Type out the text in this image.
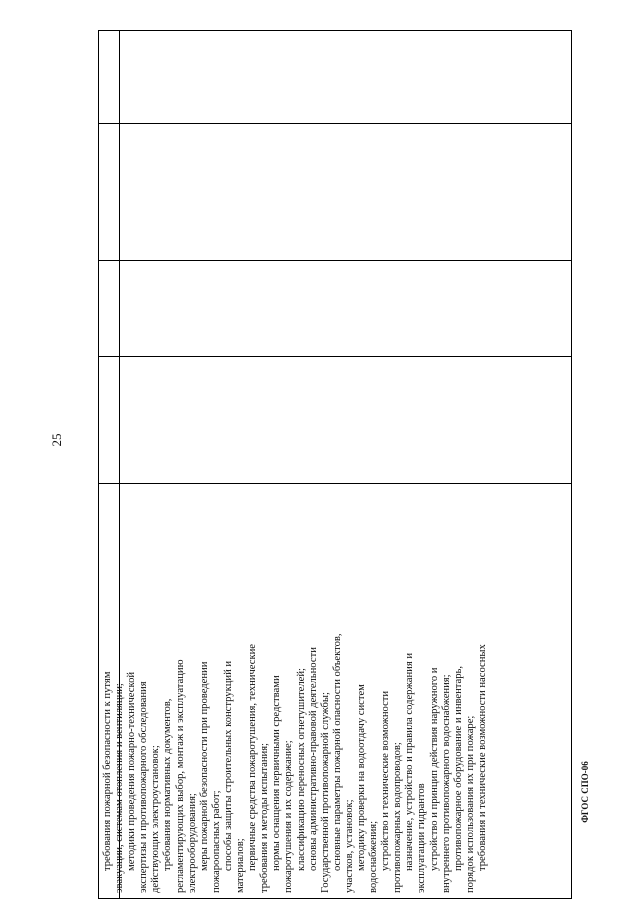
25
требования пожарной безопасности к путям эвакуации, системам отопления и вентиляции; методики проведения пожарно-технической экспертизы и противопожарного обследования действующих электроустановок; требования нормативных документов, регламентирующих выбор, монтаж и эксплуатацию электрооборудования; меры пожарной безопасности при проведении пожароопасных работ; способы защиты строительных конструкций и материалов; первичные средства пожаротушения, технические требования и методы испытания; нормы оснащения первичными средствами пожаротушения и их содержание; классификацию переносных огнетушителей; основы административно-правовой деятельности Государственной противопожарной службы; основные параметры пожарной опасности объектов, участков, установок; методику проверки на водоотдачу систем водоснабжения; устройство и технические возможности противопожарных водопроводов; назначение, устройство и правила содержания и эксплуатации гидрантов устройство и принцип действия наружного и внутреннего противопожарного водоснабжения; противопожарное оборудование и инвентарь, порядок использования их при пожаре; требования и технические возможности насосных	ФГОС СПО-06
